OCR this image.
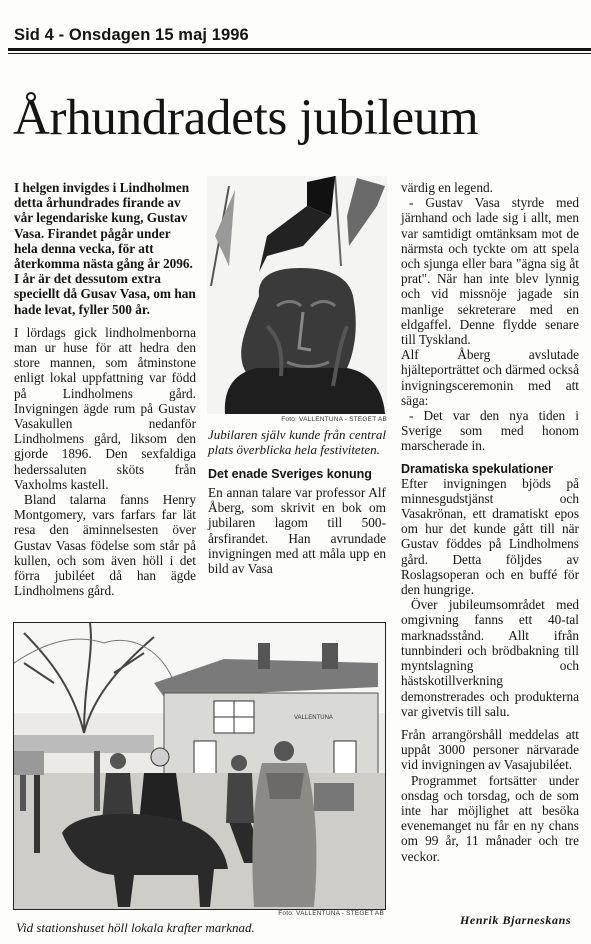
Sid 4 - Onsdagen 15 maj 1996
Århundradets jubileum

I helgen invigdes i Lindholmen detta århundrades firande av vår legendariske kung, Gustav Vasa. Firandet pågår under hela denna vecka, för att återkomma nästa gång år 2096. I år är det dessutom extra speciellt då Gusav Vasa, om han hade levat, fyller 500 år.

I lördags gick lindholmenborna man ur huse för att hedra den store mannen, som åtminstone enligt lokal uppfattning var född på Lindholmens gård. Invigningen ägde rum på Gustav Vasakullen nedanför Lindholmens gård, liksom den gjorde 1896. Den sexfaldiga hederssaluten sköts från Vaxholms kastell.

Bland talarna fanns Henry Montgomery, vars farfars far lät resa den äminnelsesten över Gustav Vasas födelse som står på kullen, och som även höll i det förra jubiléet då han ägde Lindholmens gård.

Foto: VALLENTUNA - STEGET AB

Jubilaren själv kunde från central plats överblicka hela festiviteten.

Det enade Sveriges konung

En annan talare var professor Alf Åberg, som skrivit en bok om jubilaren lagom till 500-årsfirandet. Han avrundade invigningen med att måla upp en bild av Vasa

värdig en legend.

- Gustav Vasa styrde med järnhand och lade sig i allt, men var samtidigt omtänksam mot de närmsta och tyckte om att spela och sjunga eller bara "ägna sig åt prat". När han inte blev lynnig och vid missnöje jagade sin manlige sekreterare med en eldgaffel. Denne flydde senare till Tyskland.

Alf Åberg avslutade hjälteporträttet och därmed också invigningsceremonin med att säga:

- Det var den nya tiden i Sverige som med honom marscherade in.

Dramatiska spekulationer

Efter invigningen bjöds på minnesgudstjänst och Vasakrönan, ett dramatiskt epos om hur det kunde gått till när Gustav föddes på Lindholmens gård. Detta följdes av Roslagsoperan och en buffé för den hungrige.

Över jubileumsområdet med omgivning fanns ett 40-tal marknadsstånd. Allt ifrån tunnbinderi och brödbakning till myntslagning och hästskotillverkning demonstrerades och produkterna var givetvis till salu.

Från arrangörshåll meddelas att uppåt 3000 personer närvarade vid invigningen av Vasajubiléet.

Programmet fortsätter under onsdag och torsdag, och de som inte har möjlighet att besöka evenemanget nu får en ny chans om 99 år, 11 månader och tre veckor.

Henrik Bjarneskans
VALLENTUNA
Foto: VALLENTUNA - STEGET AB
Vid stationshuset höll lokala krafter marknad.
